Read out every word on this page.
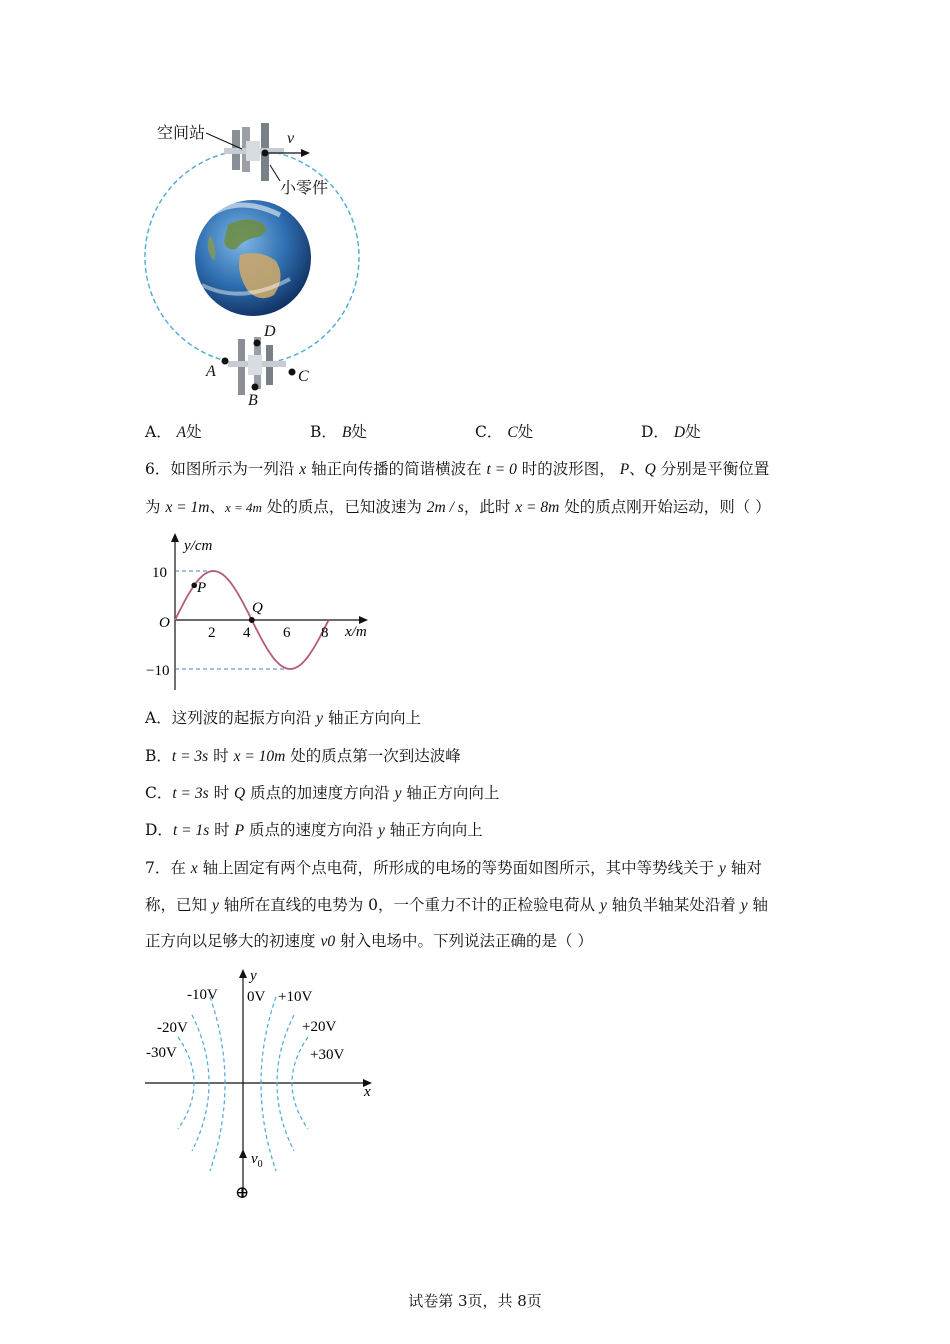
空间站	v
小零件
D
A	C
B
A． A处	B． B处	C． C处	D． D处
6．如图所示为一列沿 x 轴正向传播的简谐横波在 t = 0 时的波形图， P、Q 分别是平衡位置
为 x = 1m、x = 4m 处的质点，已知波速为 2m / s，此时 x = 8m 处的质点刚开始运动，则（ ）
y/cm
x/m
O
10
−10
2 4 6 8
P
Q
A．这列波的起振方向沿 y 轴正方向向上
B．t = 3s 时 x = 10m 处的质点第一次到达波峰
C．t = 3s 时 Q 质点的加速度方向沿 y 轴正方向向上
D．t = 1s 时 P 质点的速度方向沿 y 轴正方向向上
7．在 x 轴上固定有两个点电荷，所形成的电场的等势面如图所示，其中等势线关于 y 轴对
称，已知 y 轴所在直线的电势为 0，一个重力不计的正检验电荷从 y 轴负半轴某处沿着 y 轴
正方向以足够大的初速度 v0 射入电场中。下列说法正确的是（ ）
-10V 0V +10V
-20V	+20V
-30V	+30V
y
x
$v_0$
⊕
试卷第 3页，共 8页
